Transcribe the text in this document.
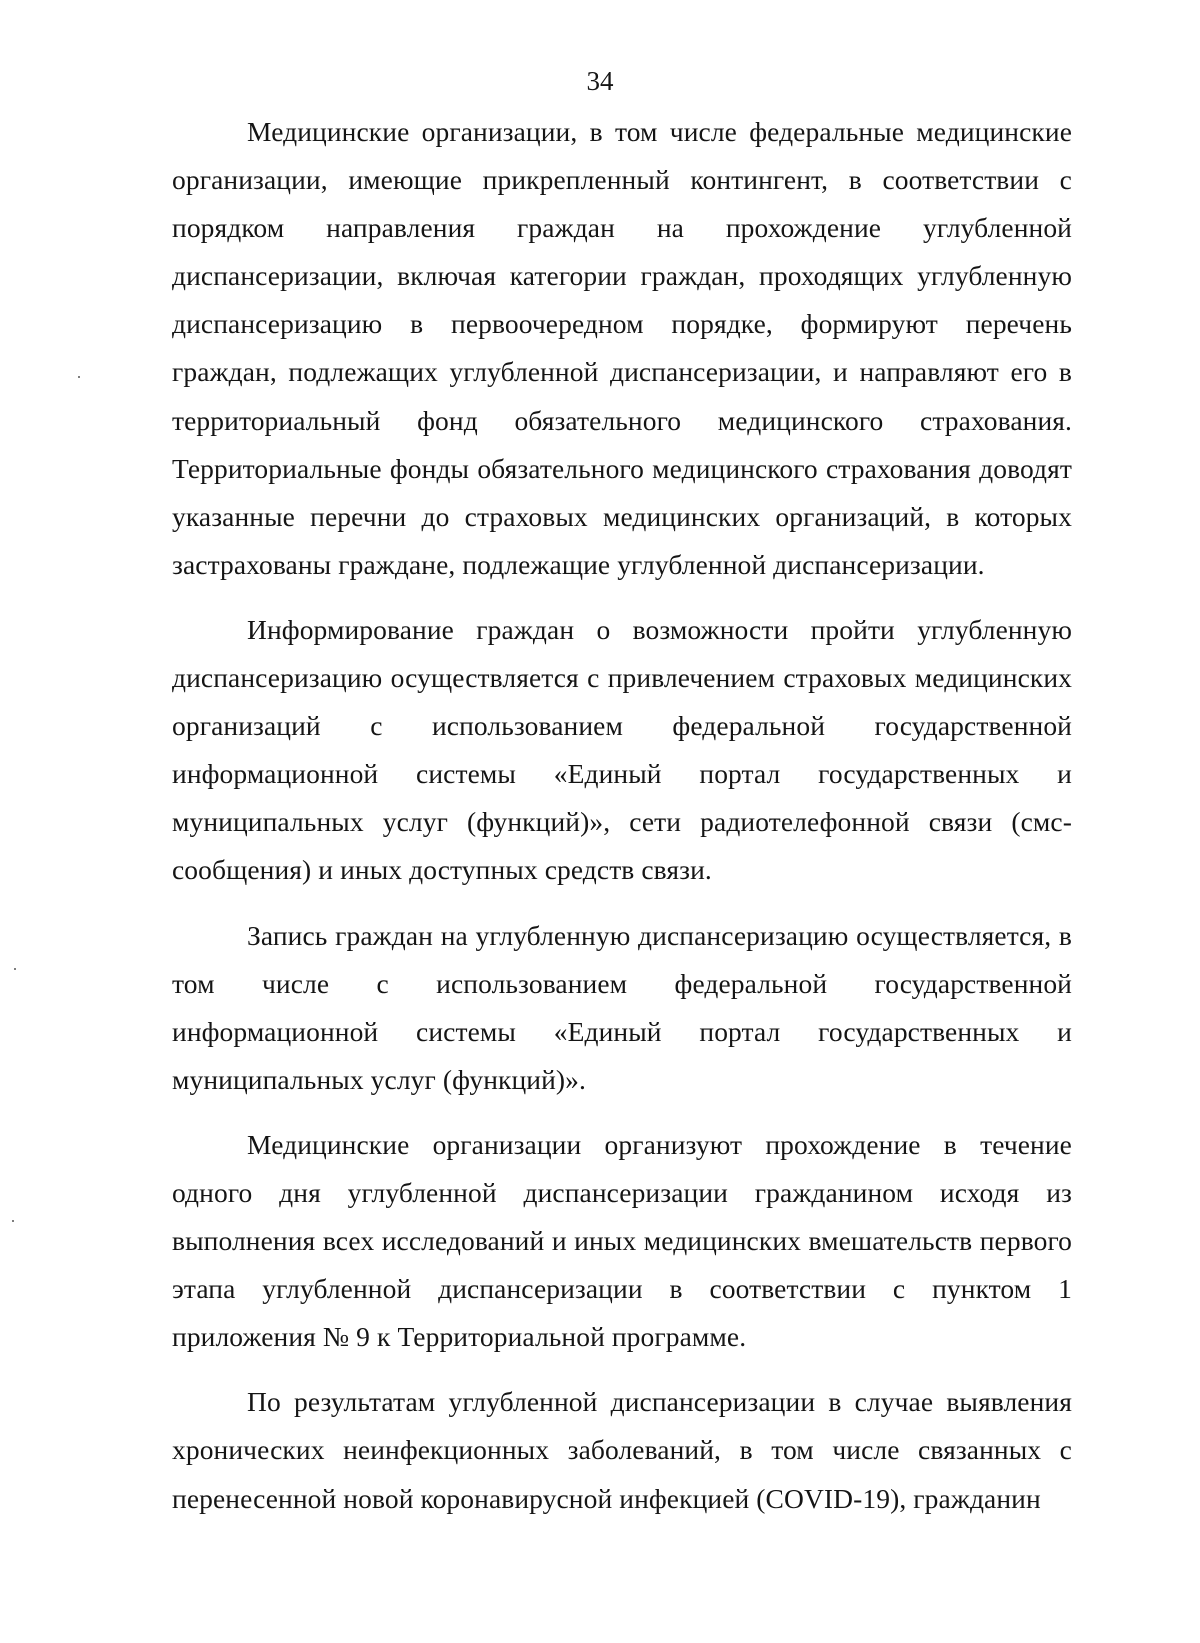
34

Медицинские организации, в том числе федеральные медицинские организации, имеющие прикрепленный контингент, в соответствии с порядком направления граждан на прохождение углубленной диспансеризации, включая категории граждан, проходящих углубленную диспансеризацию в первоочередном порядке, формируют перечень граждан, подлежащих углубленной диспансеризации, и направляют его в территориальный фонд обязательного медицинского страхования. Территориальные фонды обязательного медицинского страхования доводят указанные перечни до страховых медицинских организаций, в которых застрахованы граждане, подлежащие углубленной диспансеризации.

Информирование граждан о возможности пройти углубленную диспансеризацию осуществляется с привлечением страховых медицинских организаций с использованием федеральной государственной информационной системы «Единый портал государственных и муниципальных услуг (функций)», сети радиотелефонной связи (смс-сообщения) и иных доступных средств связи.

Запись граждан на углубленную диспансеризацию осуществляется, в том числе с использованием федеральной государственной информационной системы «Единый портал государственных и муниципальных услуг (функций)».

Медицинские организации организуют прохождение в течение одного дня углубленной диспансеризации гражданином исходя из выполнения всех исследований и иных медицинских вмешательств первого этапа углубленной диспансеризации в соответствии с пунктом 1 приложения № 9 к Территориальной программе.

По результатам углубленной диспансеризации в случае выявления хронических неинфекционных заболеваний, в том числе связанных с перенесенной новой коронавирусной инфекцией (COVID-19), гражданин
